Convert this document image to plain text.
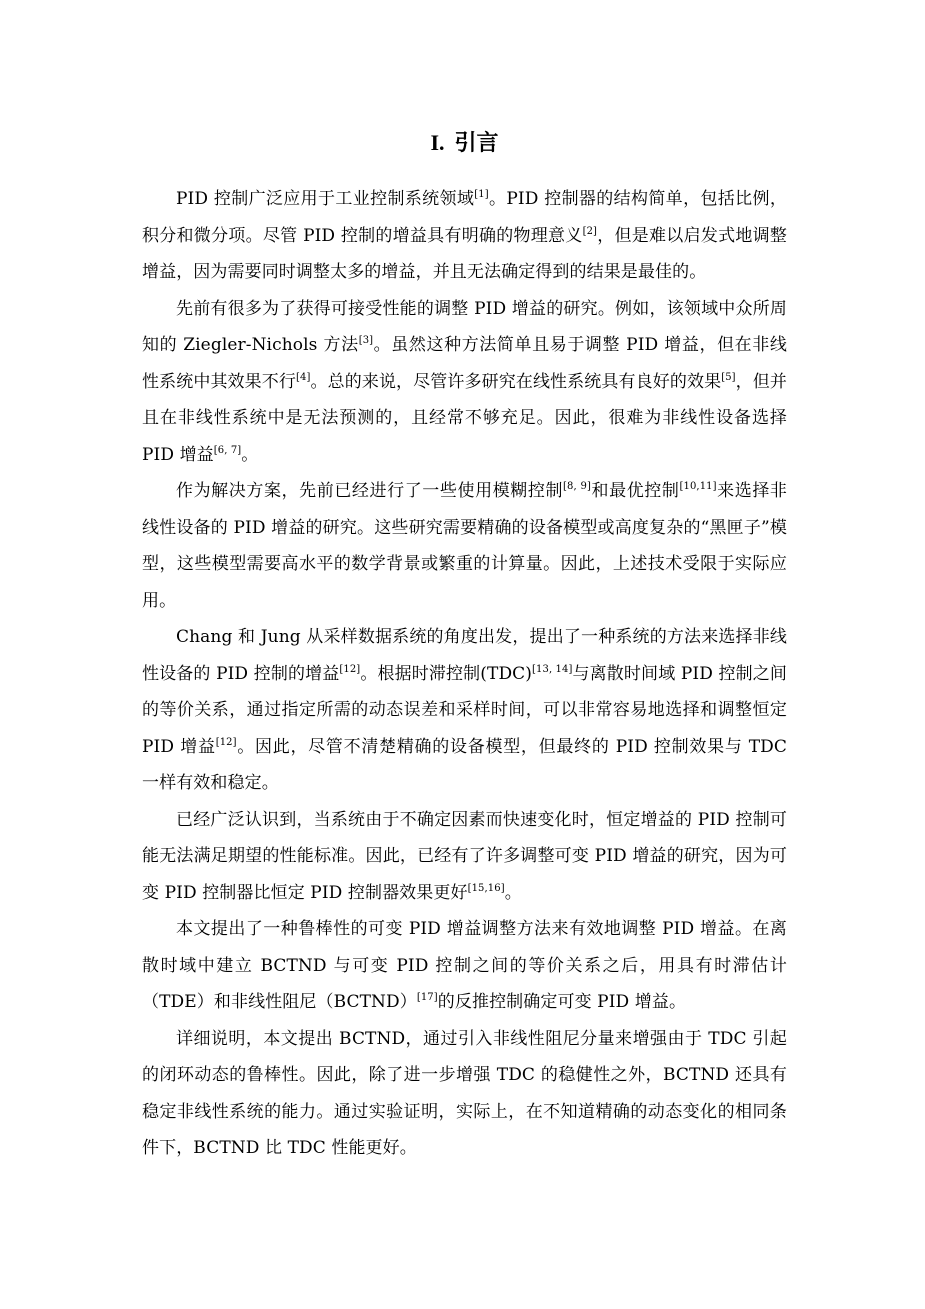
I. 引言

PID 控制广泛应用于工业控制系统领域[1]。PID 控制器的结构简单，包括比例，积分和微分项。尽管 PID 控制的增益具有明确的物理意义[2]，但是难以启发式地调整增益，因为需要同时调整太多的增益，并且无法确定得到的结果是最佳的。

先前有很多为了获得可接受性能的调整 PID 增益的研究。例如，该领域中众所周知的 Ziegler-Nichols 方法[3]。虽然这种方法简单且易于调整 PID 增益，但在非线性系统中其效果不行[4]。总的来说，尽管许多研究在线性系统具有良好的效果[5]，但并且在非线性系统中是无法预测的，且经常不够充足。因此，很难为非线性设备选择 PID 增益[6, 7]。

作为解决方案，先前已经进行了一些使用模糊控制[8, 9]和最优控制[10,11]来选择非线性设备的 PID 增益的研究。这些研究需要精确的设备模型或高度复杂的“黑匣子”模型，这些模型需要高水平的数学背景或繁重的计算量。因此，上述技术受限于实际应用。

Chang 和 Jung 从采样数据系统的角度出发，提出了一种系统的方法来选择非线性设备的 PID 控制的增益[12]。根据时滞控制(TDC)[13, 14]与离散时间域 PID 控制之间的等价关系，通过指定所需的动态误差和采样时间，可以非常容易地选择和调整恒定 PID 增益[12]。因此，尽管不清楚精确的设备模型，但最终的 PID 控制效果与 TDC 一样有效和稳定。

已经广泛认识到，当系统由于不确定因素而快速变化时，恒定增益的 PID 控制可能无法满足期望的性能标准。因此，已经有了许多调整可变 PID 增益的研究，因为可变 PID 控制器比恒定 PID 控制器效果更好[15,16]。

本文提出了一种鲁棒性的可变 PID 增益调整方法来有效地调整 PID 增益。在离散时域中建立 BCTND 与可变 PID 控制之间的等价关系之后，用具有时滞估计（TDE）和非线性阻尼（BCTND）[17]的反推控制确定可变 PID 增益。

详细说明，本文提出 BCTND，通过引入非线性阻尼分量来增强由于 TDC 引起的闭环动态的鲁棒性。因此，除了进一步增强 TDC 的稳健性之外，BCTND 还具有稳定非线性系统的能力。通过实验证明，实际上，在不知道精确的动态变化的相同条件下，BCTND 比 TDC 性能更好。
